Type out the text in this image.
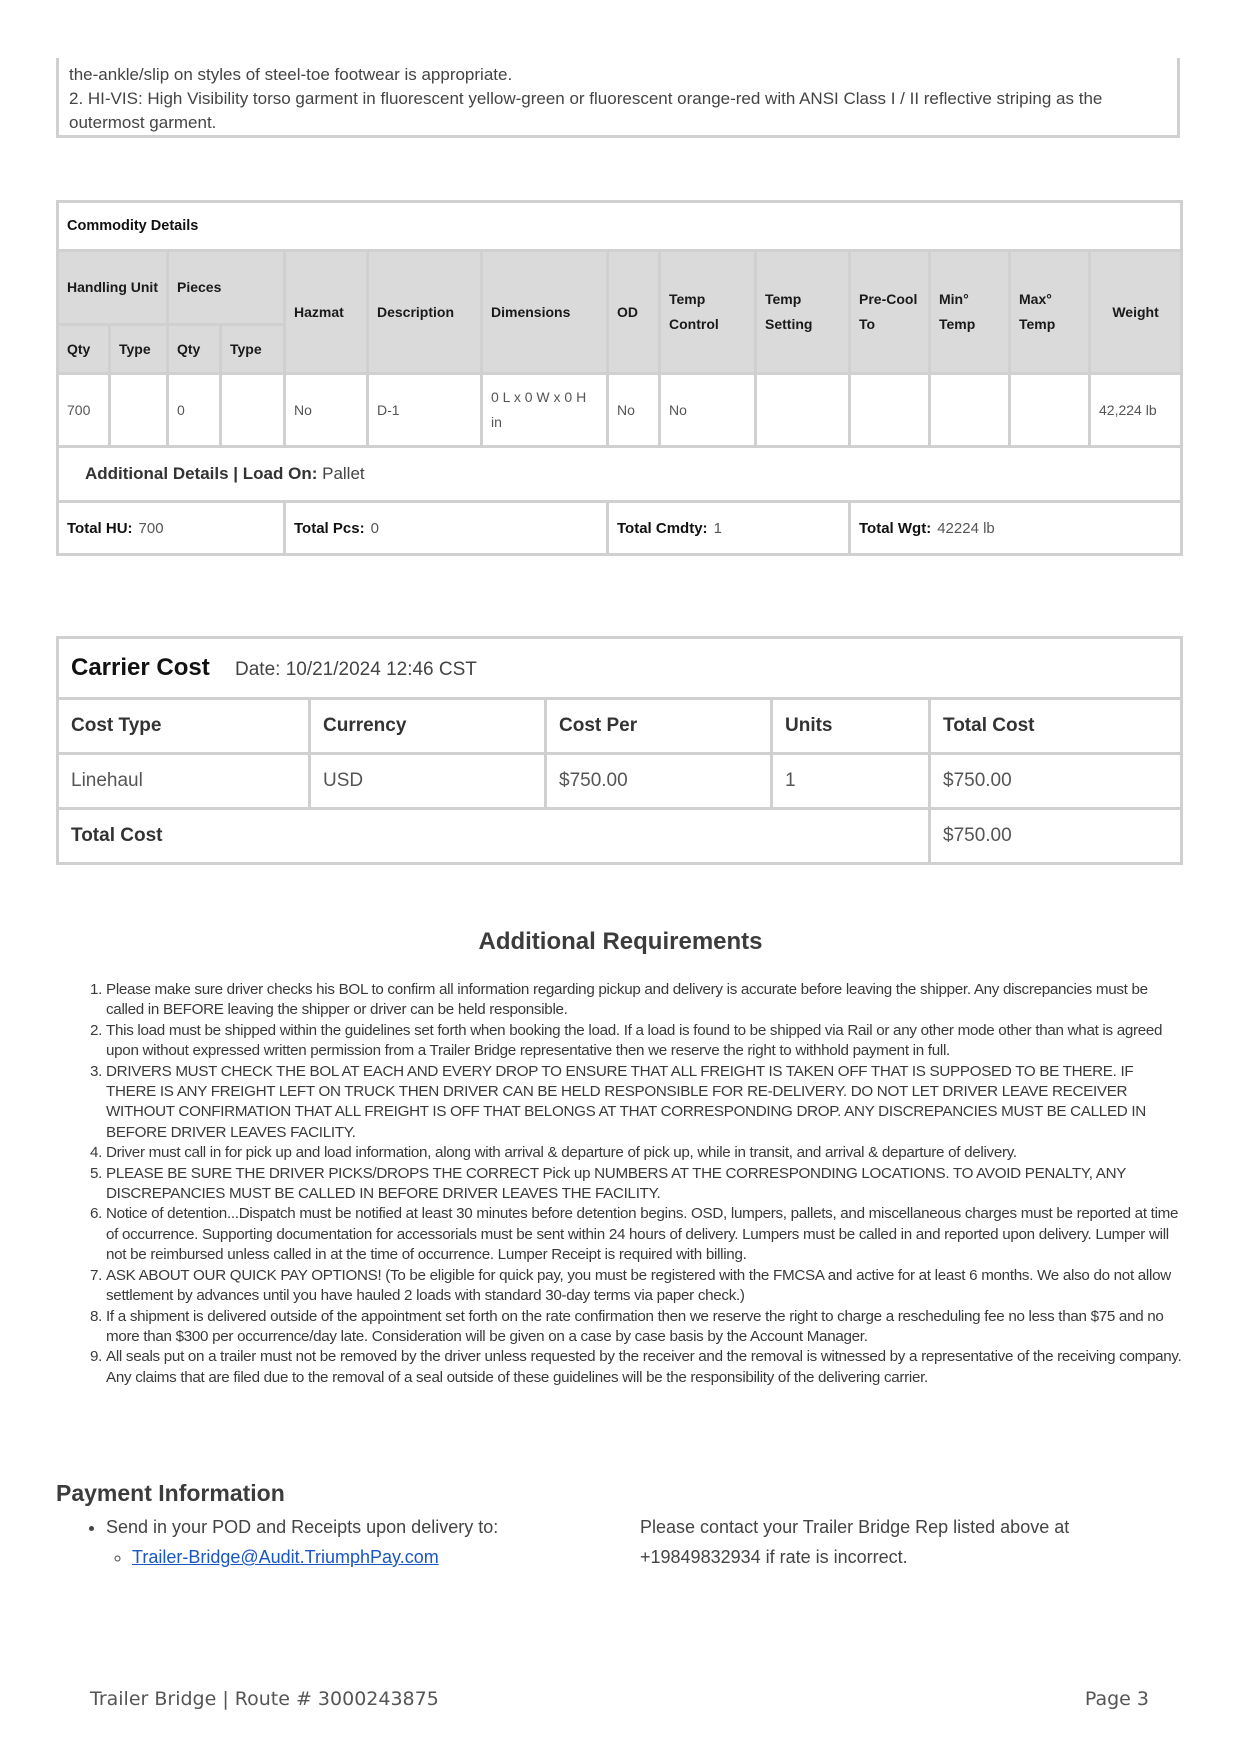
the-ankle/slip on styles of steel-toe footwear is appropriate.

2. HI-VIS: High Visibility torso garment in fluorescent yellow-green or fluorescent orange-red with ANSI Class I / II reflective striping as the outermost garment.

Commodity Details													
Handling Unit		Pieces		Hazmat	Description	Dimensions	OD	Temp Control	Temp Setting	Pre-Cool To	Min° Temp	Max° Temp	Weight
Qty	Type	Qty	Type										
700		0		No	D-1	0 L x 0 W x 0 H in	No	No					42,224 lb
Additional Details | Load On: Pallet													
Total HU: 700				Total Pcs: 0			Total Cmdty: 1			Total Wgt: 42224 lb			
Carrier Cost Date: 10/21/2024 12:46 CST				
Cost Type	Currency	Cost Per	Units	Total Cost
Linehaul	USD	$750.00	1	$750.00
Total Cost				$750.00
Additional Requirements
1. Please make sure driver checks his BOL to confirm all information regarding pickup and delivery is accurate before leaving the shipper. Any discrepancies must be called in BEFORE leaving the shipper or driver can be held responsible.
2. This load must be shipped within the guidelines set forth when booking the load. If a load is found to be shipped via Rail or any other mode other than what is agreed upon without expressed written permission from a Trailer Bridge representative then we reserve the right to withhold payment in full.
3. DRIVERS MUST CHECK THE BOL AT EACH AND EVERY DROP TO ENSURE THAT ALL FREIGHT IS TAKEN OFF THAT IS SUPPOSED TO BE THERE. IF THERE IS ANY FREIGHT LEFT ON TRUCK THEN DRIVER CAN BE HELD RESPONSIBLE FOR RE-DELIVERY. DO NOT LET DRIVER LEAVE RECEIVER WITHOUT CONFIRMATION THAT ALL FREIGHT IS OFF THAT BELONGS AT THAT CORRESPONDING DROP. ANY DISCREPANCIES MUST BE CALLED IN BEFORE DRIVER LEAVES FACILITY.
4. Driver must call in for pick up and load information, along with arrival & departure of pick up, while in transit, and arrival & departure of delivery.
5. PLEASE BE SURE THE DRIVER PICKS/DROPS THE CORRECT Pick up NUMBERS AT THE CORRESPONDING LOCATIONS. TO AVOID PENALTY, ANY DISCREPANCIES MUST BE CALLED IN BEFORE DRIVER LEAVES THE FACILITY.
6. Notice of detention...Dispatch must be notified at least 30 minutes before detention begins. OSD, lumpers, pallets, and miscellaneous charges must be reported at time of occurrence. Supporting documentation for accessorials must be sent within 24 hours of delivery. Lumpers must be called in and reported upon delivery. Lumper will not be reimbursed unless called in at the time of occurrence. Lumper Receipt is required with billing.
7. ASK ABOUT OUR QUICK PAY OPTIONS! (To be eligible for quick pay, you must be registered with the FMCSA and active for at least 6 months. We also do not allow settlement by advances until you have hauled 2 loads with standard 30-day terms via paper check.)
8. If a shipment is delivered outside of the appointment set forth on the rate confirmation then we reserve the right to charge a rescheduling fee no less than $75 and no more than $300 per occurrence/day late. Consideration will be given on a case by case basis by the Account Manager.
9. All seals put on a trailer must not be removed by the driver unless requested by the receiver and the removal is witnessed by a representative of the receiving company. Any claims that are filed due to the removal of a seal outside of these guidelines will be the responsibility of the delivering carrier.
Payment Information
• Send in your POD and Receipts upon delivery to:
◦ Trailer-Bridge@Audit.TriumphPay.com
Please contact your Trailer Bridge Rep listed above at +19849832934 if rate is incorrect.
Trailer Bridge | Route # 3000243875	Page 3
